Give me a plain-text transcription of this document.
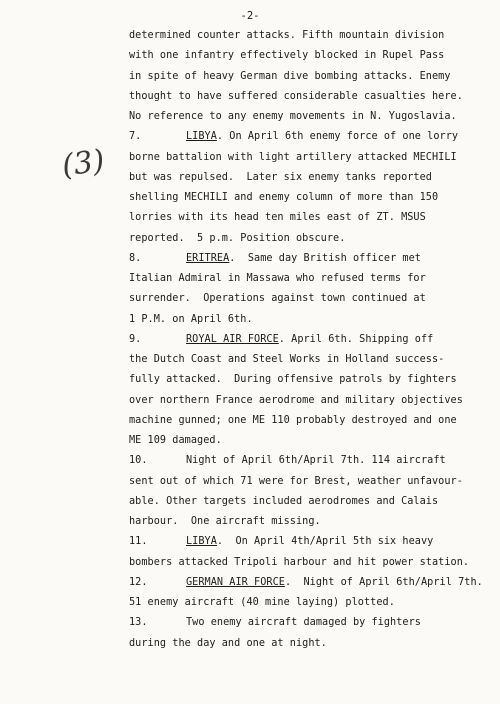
-2-
(3)
determined counter attacks. Fifth mountain division
with one infantry effectively blocked in Rupel Pass
in spite of heavy German dive bombing attacks. Enemy
thought to have suffered considerable casualties here.
No reference to any enemy movements in N. Yugoslavia.
7.	LIBYA. On April 6th enemy force of one lorry
borne battalion with light artillery attacked MECHILI
but was repulsed.  Later six enemy tanks reported
shelling MECHILI and enemy column of more than 150
lorries with its head ten miles east of ZT. MSUS
reported.  5 p.m. Position obscure.
8.	ERITREA.  Same day British officer met
Italian Admiral in Massawa who refused terms for
surrender.  Operations against town continued at
1 P.M. on April 6th.
9.	ROYAL AIR FORCE. April 6th. Shipping off
the Dutch Coast and Steel Works in Holland success-
fully attacked.  During offensive patrols by fighters
over northern France aerodrome and military objectives
machine gunned; one ME 110 probably destroyed and one
ME 109 damaged.
10.	Night of April 6th/April 7th. 114 aircraft
sent out of which 71 were for Brest, weather unfavour-
able. Other targets included aerodromes and Calais
harbour.  One aircraft missing.
11.	LIBYA.  On April 4th/April 5th six heavy
bombers attacked Tripoli harbour and hit power station.
12.	GERMAN AIR FORCE.  Night of April 6th/April 7th.
51 enemy aircraft (40 mine laying) plotted.
13.	Two enemy aircraft damaged by fighters
during the day and one at night.
